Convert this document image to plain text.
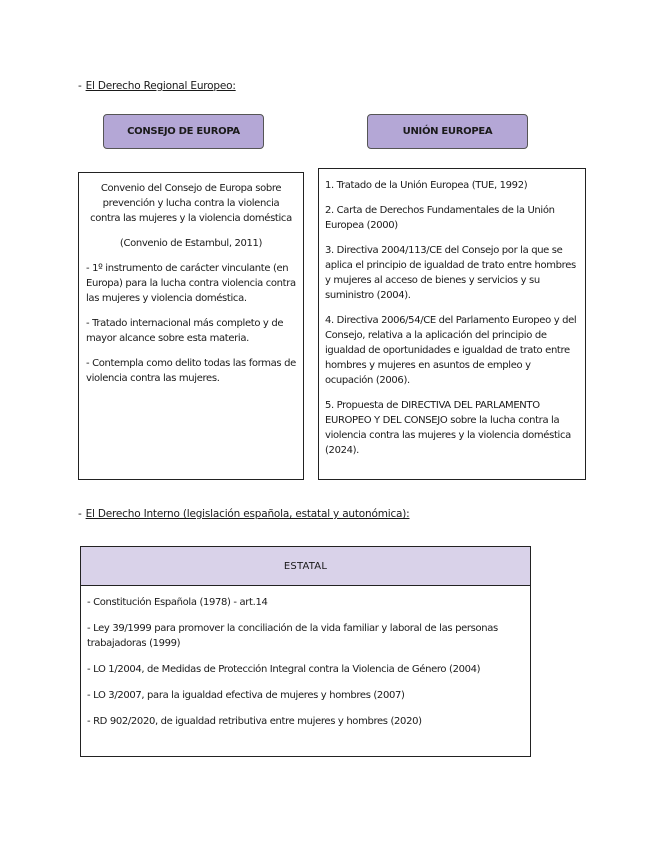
- El Derecho Regional Europeo:
CONSEJO DE EUROPA	UNIÓN EUROPEA

Convenio del Consejo de Europa sobre prevención y lucha contra la violencia contra las mujeres y la violencia doméstica

(Convenio de Estambul, 2011)

- 1º instrumento de carácter vinculante (en Europa) para la lucha contra violencia contra las mujeres y violencia doméstica.

- Tratado internacional más completo y de mayor alcance sobre esta materia.

- Contempla como delito todas las formas de violencia contra las mujeres.

1. Tratado de la Unión Europea (TUE, 1992)

2. Carta de Derechos Fundamentales de la Unión Europea (2000)

3. Directiva 2004/113/CE del Consejo por la que se aplica el principio de igualdad de trato entre hombres y mujeres al acceso de bienes y servicios y su suministro (2004).

4. Directiva 2006/54/CE del Parlamento Europeo y del Consejo, relativa a la aplicación del principio de igualdad de oportunidades e igualdad de trato entre hombres y mujeres en asuntos de empleo y ocupación (2006).

5. Propuesta de DIRECTIVA DEL PARLAMENTO EUROPEO Y DEL CONSEJO sobre la lucha contra la violencia contra las mujeres y la violencia doméstica (2024).

- El Derecho Interno (legislación española, estatal y autonómica):
ESTATAL

- Constitución Española (1978) - art.14

- Ley 39/1999 para promover la conciliación de la vida familiar y laboral de las personas trabajadoras (1999)

- LO 1/2004, de Medidas de Protección Integral contra la Violencia de Género (2004)

- LO 3/2007, para la igualdad efectiva de mujeres y hombres (2007)

- RD 902/2020, de igualdad retributiva entre mujeres y hombres (2020)
